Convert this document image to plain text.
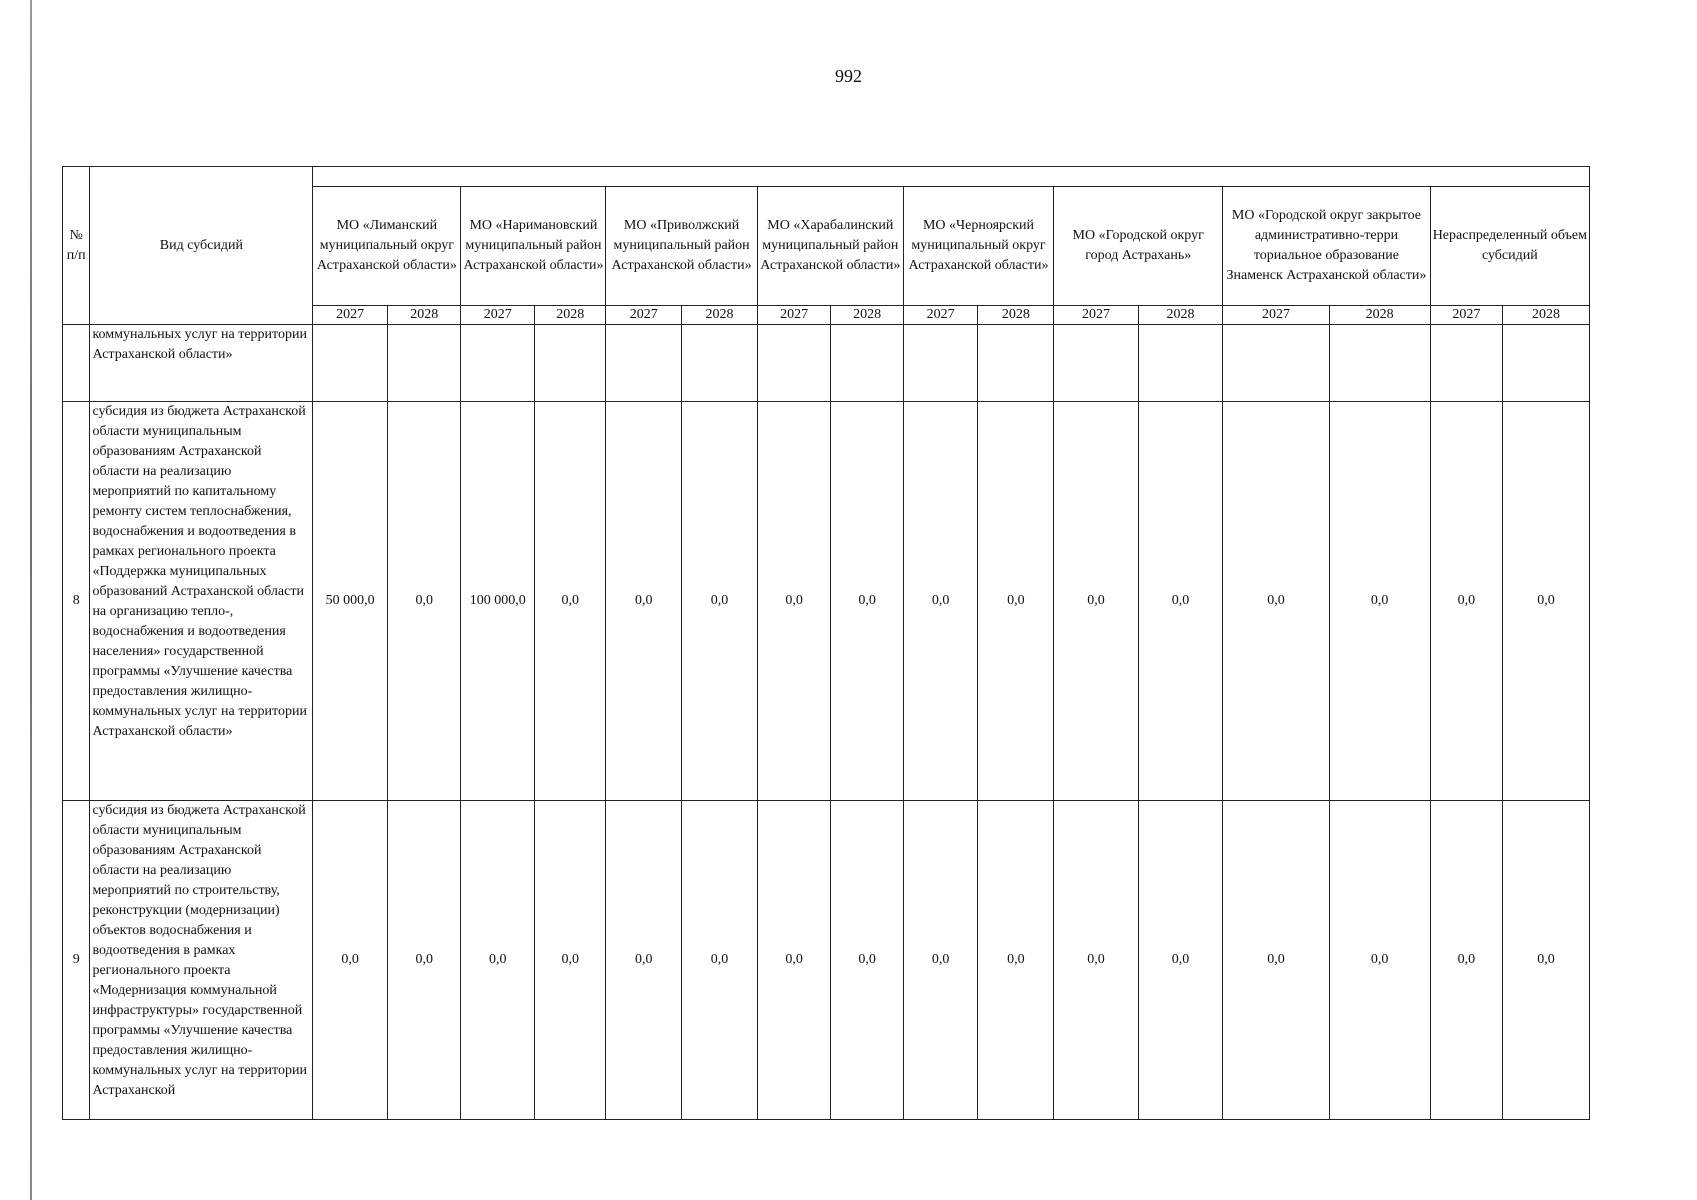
992
№
п/п	Вид субсидий																
		МО «Лиманский муниципальный округ Астраханской области»		МО «Наримановский муниципальный район Астраханской области»		МО «Приволжский муниципальный район Астраханской области»		МО «Харабалинский муниципальный район Астраханской области»		МО «Черноярский муниципальный округ Астраханской области»		МО «Городской округ город Астрахань»		МО «Городской округ закрытое административно-терри ториальное образование Знаменск Астраханской области»		Нераспределенный объем субсидий	
		2027	2028	2027	2028	2027	2028	2027	2028	2027	2028	2027	2028	2027	2028	2027	2028
	коммунальных услуг на территории Астраханской области»																
8	субсидия из бюджета Астраханской области муниципальным образованиям Астраханской области на реализацию мероприятий по капитальному ремонту систем теплоснабжения, водоснабжения и водоотведения в рамках регионального проекта «Поддержка муниципальных образований Астраханской области на организацию тепло-, водоснабжения и водоотведения населения» государственной программы «Улучшение качества предоставления жилищно-коммунальных услуг на территории Астраханской области»	50 000,0	0,0	100 000,0	0,0	0,0	0,0	0,0	0,0	0,0	0,0	0,0	0,0	0,0	0,0	0,0	0,0
9	субсидия из бюджета Астраханской области муниципальным образованиям Астраханской области на реализацию мероприятий по строительству, реконструкции (модернизации) объектов водоснабжения и водоотведения в рамках регионального проекта «Модернизация коммунальной инфраструктуры» государственной программы «Улучшение качества предоставления жилищно-коммунальных услуг на территории Астраханской	0,0	0,0	0,0	0,0	0,0	0,0	0,0	0,0	0,0	0,0	0,0	0,0	0,0	0,0	0,0	0,0
